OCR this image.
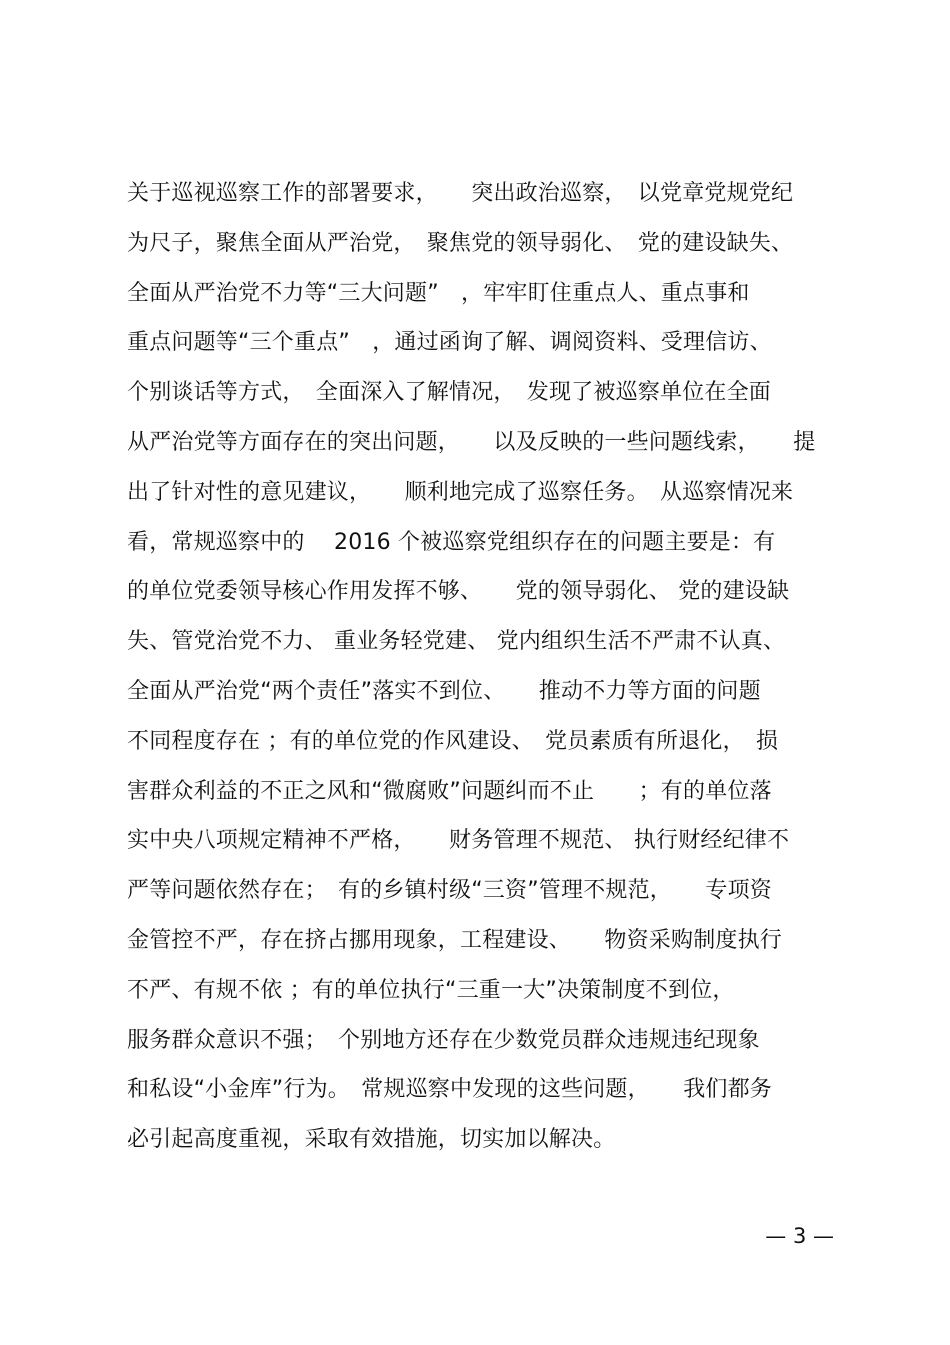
关于巡视巡察工作的部署要求，　　突出政治巡察，　以党章党规党纪
为尺子，聚焦全面从严治党，　聚焦党的领导弱化、　党的建设缺失、
全面从严治党不力等“三大问题”　，牢牢盯住重点人、重点事和
重点问题等“三个重点”　，通过函询了解、调阅资料、受理信访、
个别谈话等方式，　全面深入了解情况，　发现了被巡察单位在全面
从严治党等方面存在的突出问题，　　以及反映的一些问题线索，　　提
出了针对性的意见建议，　　顺利地完成了巡察任务。　从巡察情况来
看，常规巡察中的　 2016 个被巡察党组织存在的问题主要是：有
的单位党委领导核心作用发挥不够、　　党的领导弱化、 党的建设缺
失、管党治党不力、 重业务轻党建、 党内组织生活不严肃不认真、
全面从严治党“两个责任”落实不到位、　　推动不力等方面的问题
不同程度存在 ；有的单位党的作风建设、　党员素质有所退化，　损
害群众利益的不正之风和“微腐败”问题纠而不止　　；有的单位落
实中央八项规定精神不严格，　　财务管理不规范、 执行财经纪律不
严等问题依然存在；　有的乡镇村级“三资”管理不规范，　　专项资
金管控不严，存在挤占挪用现象，工程建设、　　物资采购制度执行
不严、有规不依 ；有的单位执行“三重一大”决策制度不到位，
服务群众意识不强；　个别地方还存在少数党员群众违规违纪现象
和私设“小金库”行为。　常规巡察中发现的这些问题，　　我们都务
必引起高度重视，采取有效措施，切实加以解决。
— 3 —
